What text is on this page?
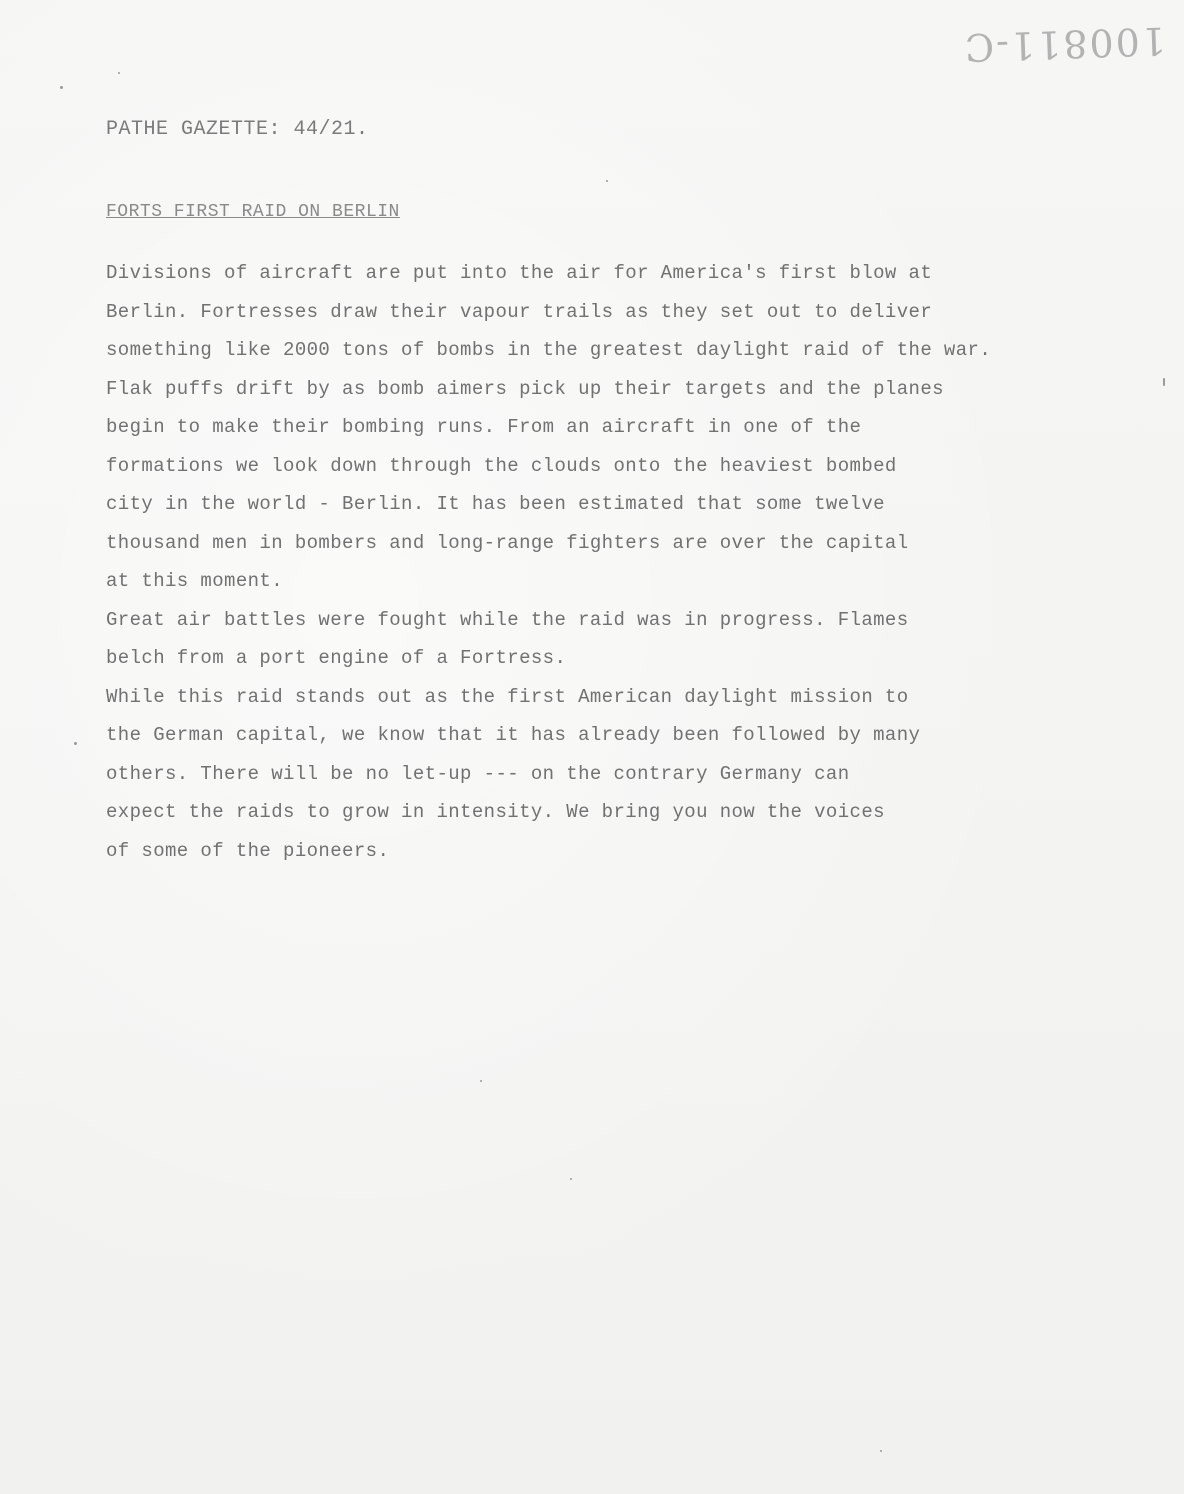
100811-C
PATHE GAZETTE: 44/21.
FORTS FIRST RAID ON BERLIN
Divisions of aircraft are put into the air for America's first blow at
Berlin. Fortresses draw their vapour trails as they set out to deliver
something like 2000 tons of bombs in the greatest daylight raid of the war.
Flak puffs drift by as bomb aimers pick up their targets and the planes
begin to make their bombing runs. From an aircraft in one of the
formations we look down through the clouds onto the heaviest bombed
city in the world - Berlin. It has been estimated that some twelve
thousand men in bombers and long-range fighters are over the capital
at this moment.
Great air battles were fought while the raid was in progress. Flames
belch from a port engine of a Fortress.
While this raid stands out as the first American daylight mission to
the German capital, we know that it has already been followed by many
others. There will be no let-up --- on the contrary Germany can
expect the raids to grow in intensity. We bring you now the voices
of some of the pioneers.
